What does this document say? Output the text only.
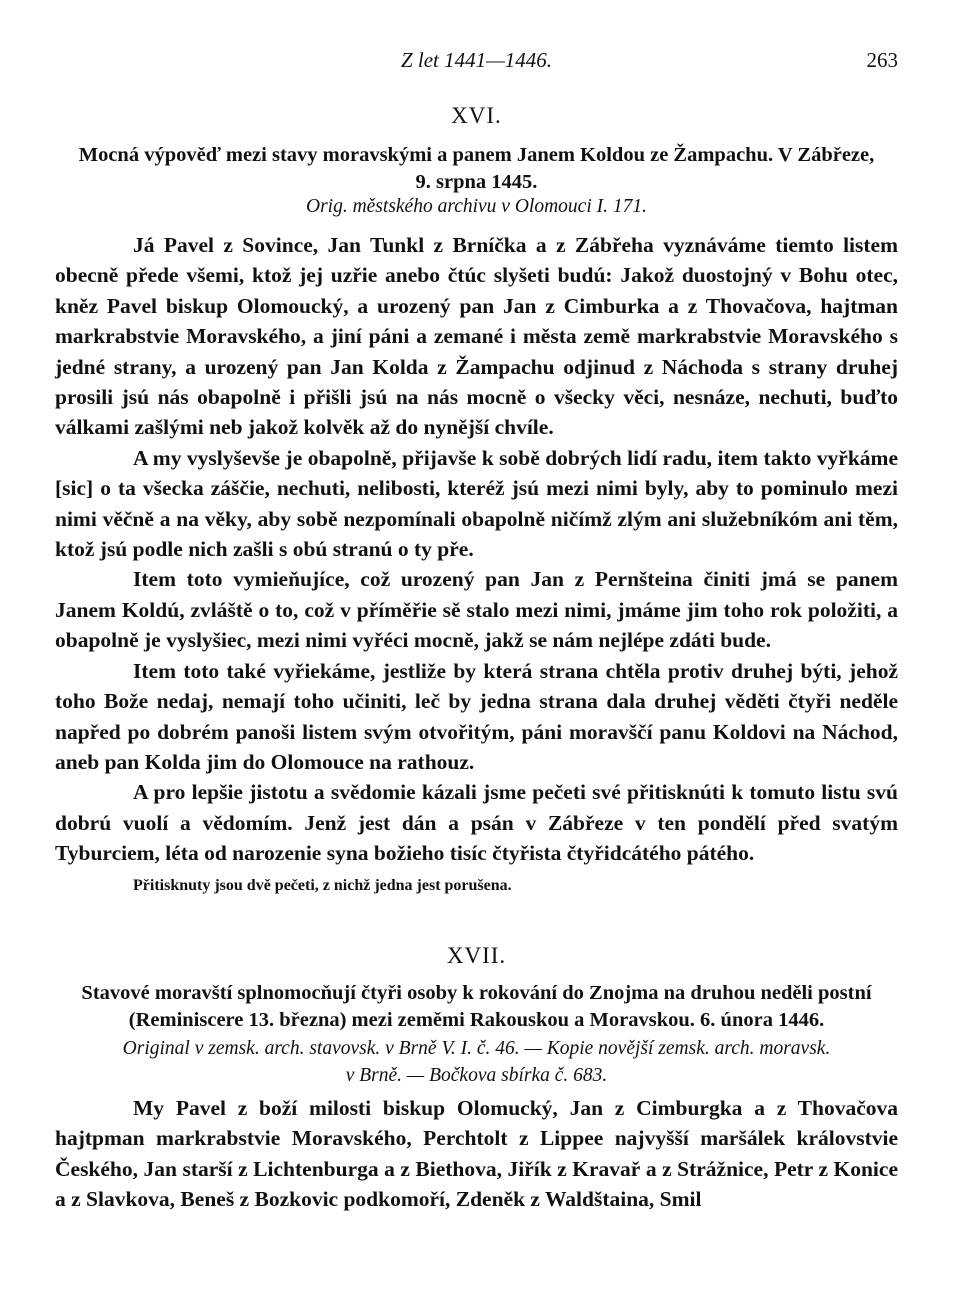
Z let 1441—1446.	263
XVI.
Mocná výpověď mezi stavy moravskými a panem Janem Koldou ze Žampachu. V Zábřeze,
9. srpna 1445.
Orig. městského archivu v Olomouci I. 171.

Já Pavel z Sovince, Jan Tunkl z Brníčka a z Zábřeha vyznáváme tiemto listem obecně přede všemi, ktož jej uzřie anebo čtúc slyšeti budú: Jakož duostojný v Bohu otec, kněz Pavel biskup Olomoucký, a urozený pan Jan z Cimburka a z Thovačova, hajtman markrabstvie Moravského, a jiní páni a zemané i města země markrabstvie Moravského s jedné strany, a urozený pan Jan Kolda z Žampachu odjinud z Náchoda s strany druhej prosili jsú nás obapolně i přišli jsú na nás mocně o všecky věci, nesnáze, nechuti, buďto válkami zašlými neb jakož kolvěk až do nynější chvíle.

A my vyslyševše je obapolně, přijavše k sobě dobrých lidí radu, item takto vyřkáme [sic] o ta všecka záščie, nechuti, nelibosti, kteréž jsú mezi nimi byly, aby to pominulo mezi nimi věčně a na věky, aby sobě nezpomínali obapolně ničímž zlým ani služebníkóm ani těm, ktož jsú podle nich zašli s obú stranú o ty pře.

Item toto vymieňujíce, což urozený pan Jan z Pernšteina činiti jmá se panem Janem Koldú, zvláště o to, což v příměřie sě stalo mezi nimi, jmáme jim toho rok položiti, a obapolně je vyslyšiec, mezi nimi vyřéci mocně, jakž se nám nejlépe zdáti bude.

Item toto také vyřiekáme, jestliže by která strana chtěla protiv druhej býti, jehož toho Bože nedaj, nemají toho učiniti, leč by jedna strana dala druhej věděti čtyři neděle napřed po dobrém panoši listem svým otvořitým, páni moravščí panu Koldovi na Náchod, aneb pan Kolda jim do Olomouce na rathouz.

A pro lepšie jistotu a svědomie kázali jsme pečeti své přitisknúti k tomuto listu svú dobrú vuolí a vědomím. Jenž jest dán a psán v Zábřeze v ten pondělí před svatým Tyburciem, léta od narozenie syna božieho tisíc čtyřista čtyřidcátého pátého.

Přitisknuty jsou dvě pečeti, z nichž jedna jest porušena.
XVII.
Stavové moravští splnomocňují čtyři osoby k rokování do Znojma na druhou neděli postní
(Reminiscere 13. března) mezi zeměmi Rakouskou a Moravskou. 6. února 1446.
Original v zemsk. arch. stavovsk. v Brně V. I. č. 46. — Kopie novější zemsk. arch. moravsk.
v Brně. — Bočkova sbírka č. 683.

My Pavel z boží milosti biskup Olomucký, Jan z Cimburgka a z Thovačova hajtpman markrabstvie Moravského, Perchtolt z Lippee najvyšší maršálek královstvie Českého, Jan starší z Lichtenburga a z Biethova, Jiřík z Kravař a z Strážnice, Petr z Konice a z Slavkova, Beneš z Bozkovic podkomoří, Zdeněk z Waldštaina, Smil
